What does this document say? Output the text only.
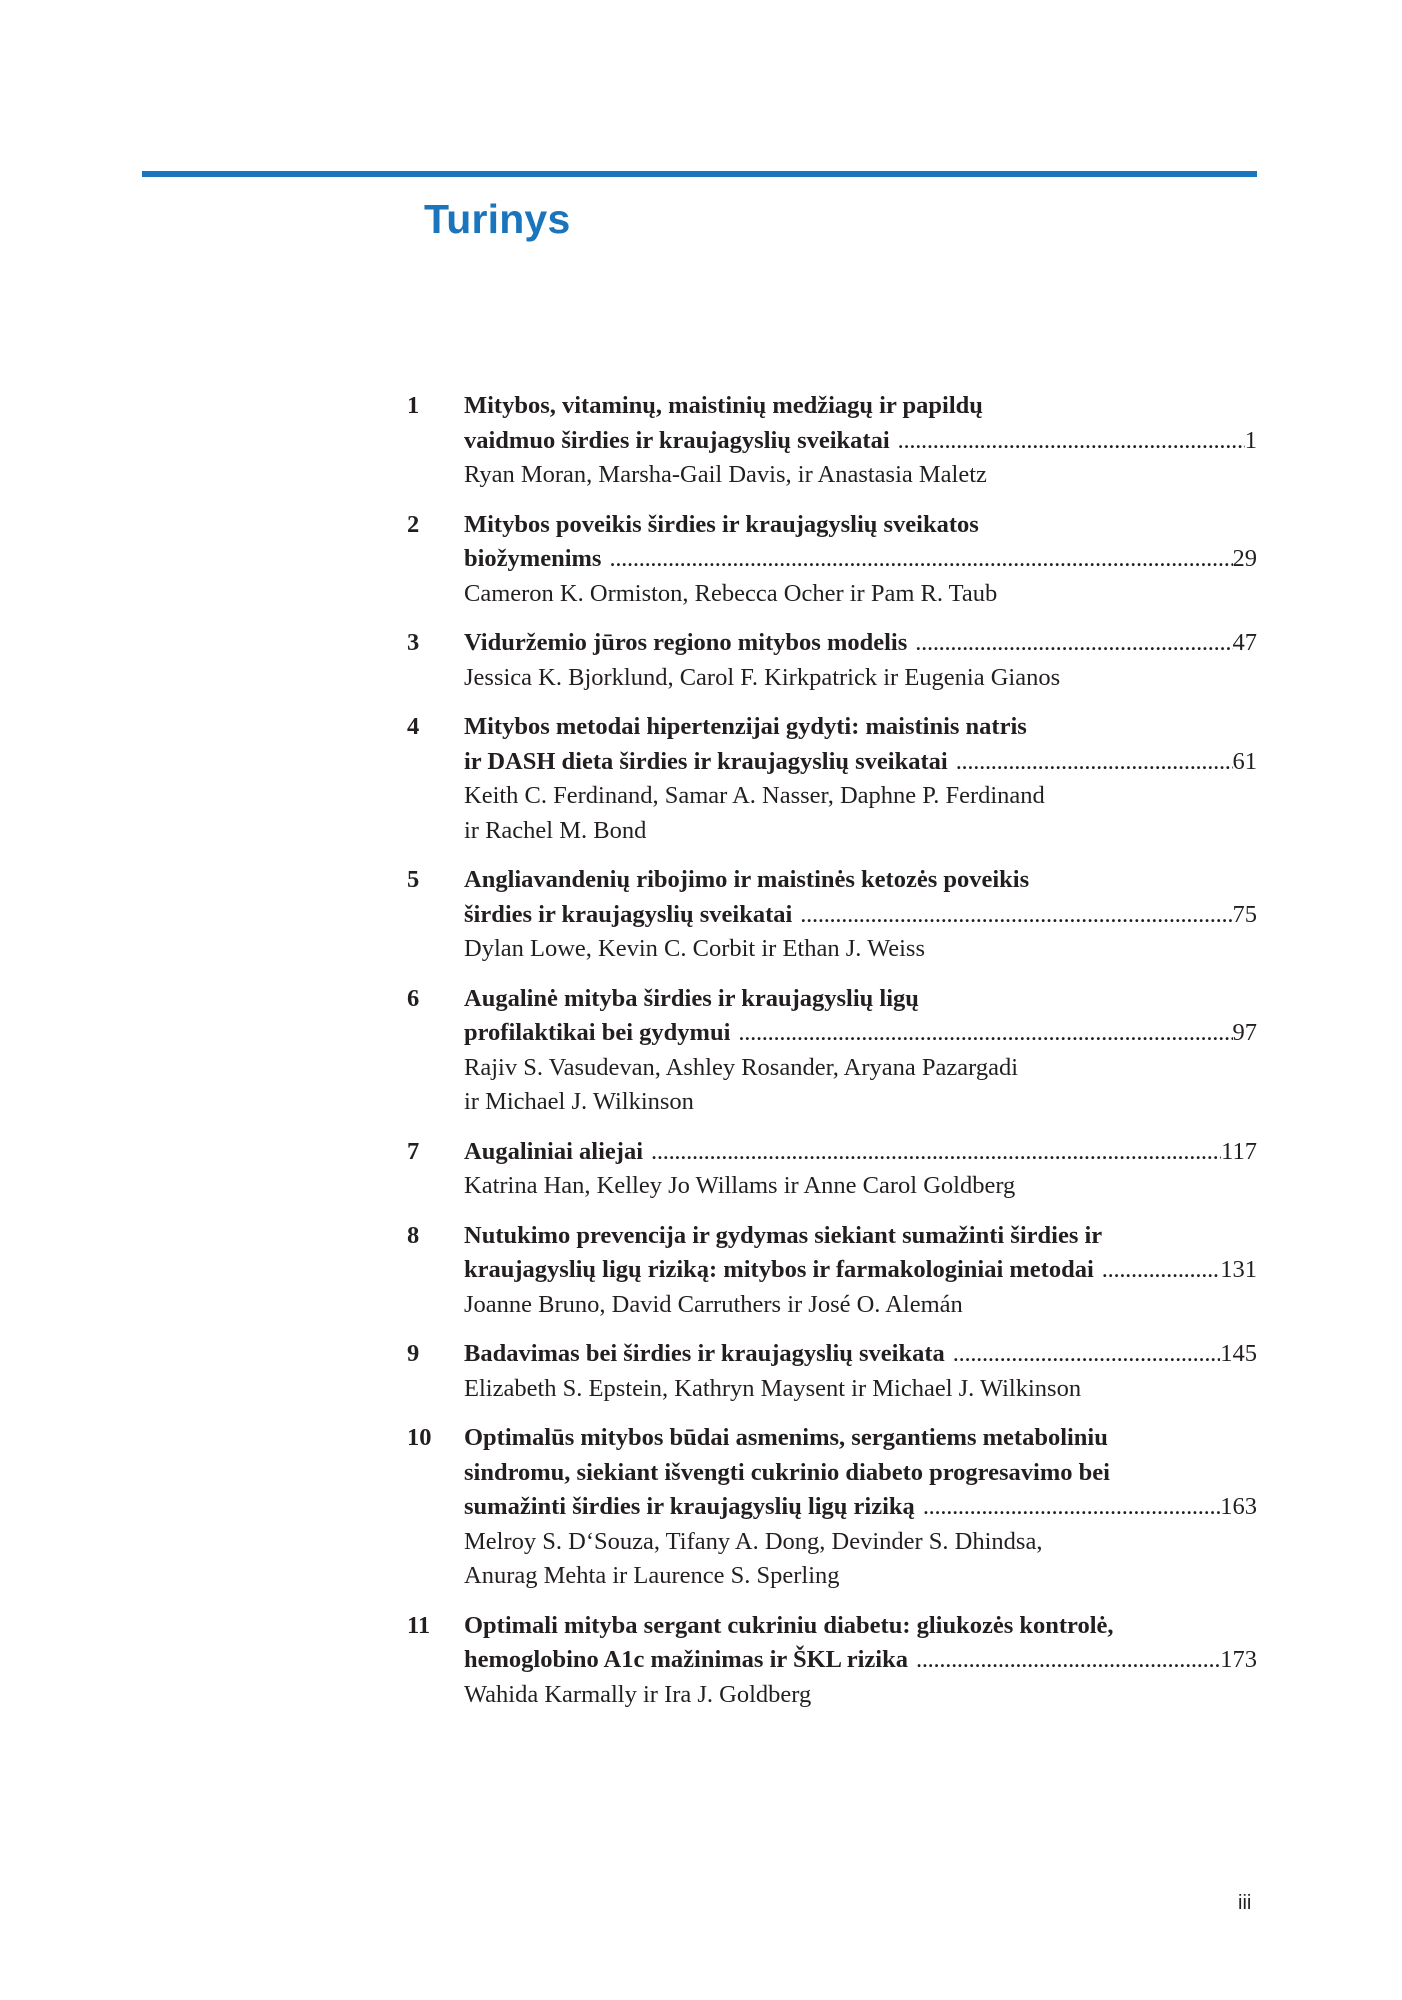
Turinys
1 Mitybos, vitaminų, maistinių medžiagų ir papildų
vaidmuo širdies ir kraujagyslių sveikatai . . .	1
Ryan Moran, Marsha-Gail Davis, ir Anastasia Maletz
2 Mitybos poveikis širdies ir kraujagyslių sveikatos
biožymenims . . .	29
Cameron K. Ormiston, Rebecca Ocher ir Pam R. Taub
3 Viduržemio jūros regiono mitybos modelis . . .	47
Jessica K. Bjorklund, Carol F. Kirkpatrick ir Eugenia Gianos
4 Mitybos metodai hipertenzijai gydyti: maistinis natris
ir DASH dieta širdies ir kraujagyslių sveikatai . . .	61
Keith C. Ferdinand, Samar A. Nasser, Daphne P. Ferdinand
ir Rachel M. Bond
5 Angliavandenių ribojimo ir maistinės ketozės poveikis
širdies ir kraujagyslių sveikatai . . .	75
Dylan Lowe, Kevin C. Corbit ir Ethan J. Weiss
6 Augalinė mityba širdies ir kraujagyslių ligų
profilaktikai bei gydymui . . .	97
Rajiv S. Vasudevan, Ashley Rosander, Aryana Pazargadi
ir Michael J. Wilkinson
7 Augaliniai aliejai . . .	117
Katrina Han, Kelley Jo Willams ir Anne Carol Goldberg
8 Nutukimo prevencija ir gydymas siekiant sumažinti širdies ir
kraujagyslių ligų riziką: mitybos ir farmakologiniai metodai . . .	131
Joanne Bruno, David Carruthers ir José O. Alemán
9 Badavimas bei širdies ir kraujagyslių sveikata . . .	145
Elizabeth S. Epstein, Kathryn Maysent ir Michael J. Wilkinson
10 Optimalūs mitybos būdai asmenims, sergantiems metaboliniu
sindromu, siekiant išvengti cukrinio diabeto progresavimo bei
sumažinti širdies ir kraujagyslių ligų riziką . . .	163
Melroy S. D‘Souza, Tifany A. Dong, Devinder S. Dhindsa,
Anurag Mehta ir Laurence S. Sperling
11 Optimali mityba sergant cukriniu diabetu: gliukozės kontrolė,
hemoglobino A1c mažinimas ir ŠKL rizika . . .	173
Wahida Karmally ir Ira J. Goldberg
iii
